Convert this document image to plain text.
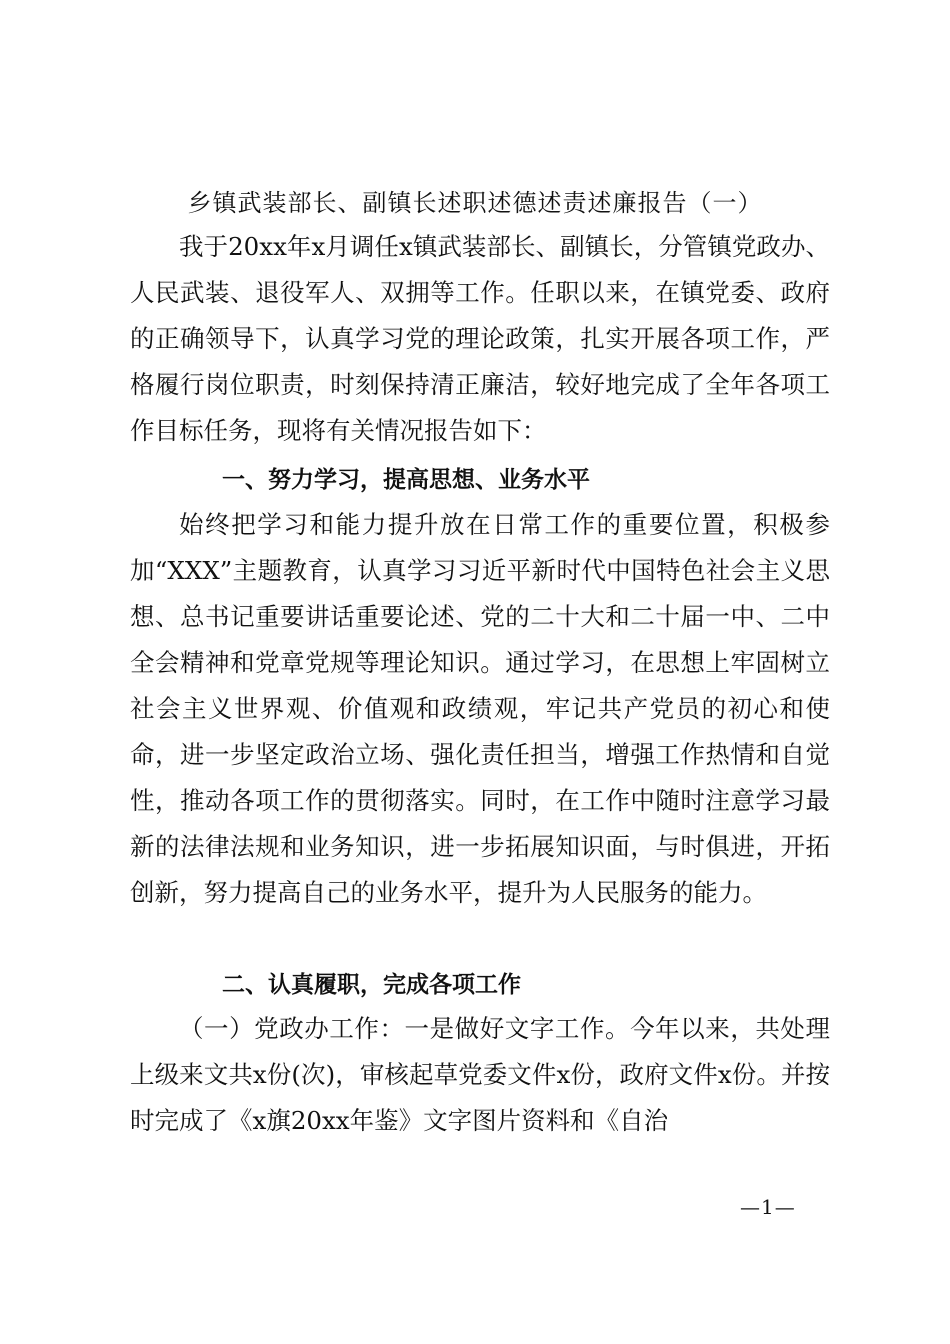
乡镇武装部长、副镇长述职述德述责述廉报告（一）

我于20xx年x月调任x镇武装部长、副镇长，分管镇党政办、人民武装、退役军人、双拥等工作。任职以来，在镇党委、政府的正确领导下，认真学习党的理论政策，扎实开展各项工作，严格履行岗位职责，时刻保持清正廉洁，较好地完成了全年各项工作目标任务，现将有关情况报告如下：

一、努力学习，提高思想、业务水平

始终把学习和能力提升放在日常工作的重要位置，积极参加“XXX”主题教育，认真学习习近平新时代中国特色社会主义思想、总书记重要讲话重要论述、党的二十大和二十届一中、二中全会精神和党章党规等理论知识。通过学习，在思想上牢固树立社会主义世界观、价值观和政绩观，牢记共产党员的初心和使命，进一步坚定政治立场、强化责任担当，增强工作热情和自觉性，推动各项工作的贯彻落实。同时，在工作中随时注意学习最新的法律法规和业务知识，进一步拓展知识面，与时俱进，开拓创新，努力提高自己的业务水平，提升为人民服务的能力。

二、认真履职，完成各项工作

（一）党政办工作：一是做好文字工作。今年以来，共处理上级来文共x份(次)，审核起草党委文件x份，政府文件x份。并按时完成了《x旗20xx年鉴》文字图片资料和《自治

—1—
